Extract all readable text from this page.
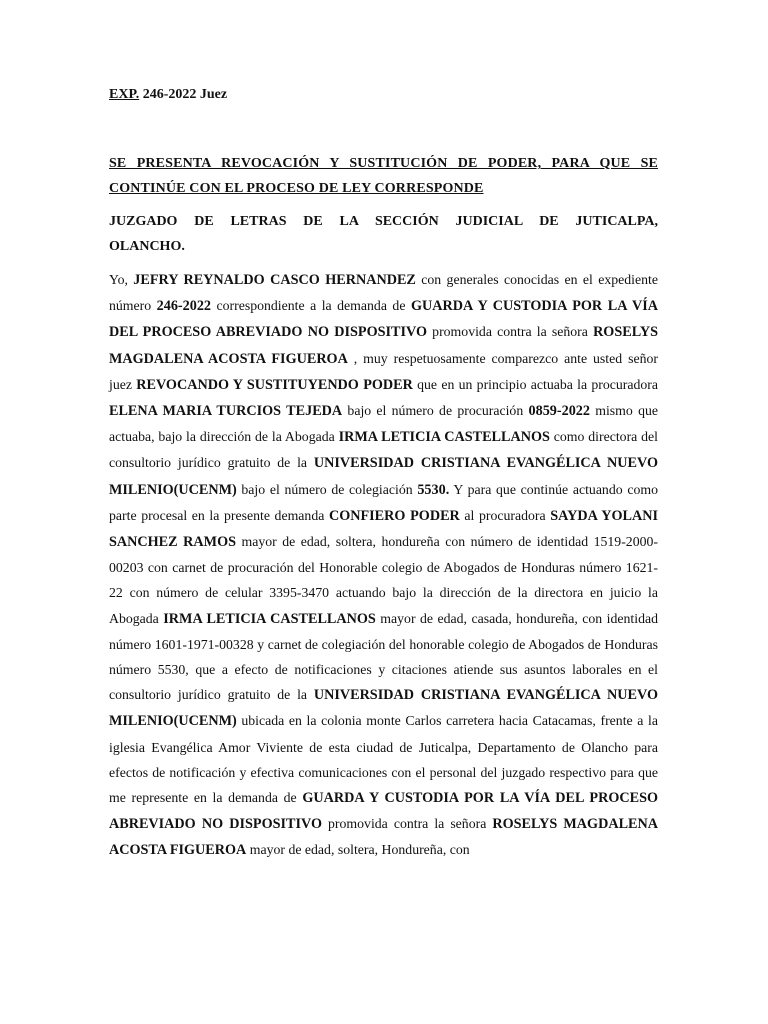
EXP. 246-2022 Juez

SE PRESENTA REVOCACIÓN Y SUSTITUCIÓN DE PODER, PARA QUE SE CONTINÚE CON EL PROCESO DE LEY CORRESPONDE

JUZGADO DE LETRAS DE LA SECCIÓN JUDICIAL DE JUTICALPA, OLANCHO.

Yo, JEFRY REYNALDO CASCO HERNANDEZ con generales conocidas en el expediente número 246-2022 correspondiente a la demanda de GUARDA Y CUSTODIA POR LA VÍA DEL PROCESO ABREVIADO NO DISPOSITIVO promovida contra la señora ROSELYS MAGDALENA ACOSTA FIGUEROA , muy respetuosamente comparezco ante usted señor juez REVOCANDO Y SUSTITUYENDO PODER que en un principio actuaba la procuradora ELENA MARIA TURCIOS TEJEDA bajo el número de procuración 0859-2022 mismo que actuaba, bajo la dirección de la Abogada IRMA LETICIA CASTELLANOS como directora del consultorio jurídico gratuito de la UNIVERSIDAD CRISTIANA EVANGÉLICA NUEVO MILENIO(UCENM) bajo el número de colegiación 5530. Y para que continúe actuando como parte procesal en la presente demanda CONFIERO PODER al procuradora SAYDA YOLANI SANCHEZ RAMOS mayor de edad, soltera, hondureña con número de identidad 1519-2000-00203 con carnet de procuración del Honorable colegio de Abogados de Honduras número 1621-22 con número de celular 3395-3470 actuando bajo la dirección de la directora en juicio la Abogada IRMA LETICIA CASTELLANOS mayor de edad, casada, hondureña, con identidad número 1601-1971-00328 y carnet de colegiación del honorable colegio de Abogados de Honduras número 5530, que a efecto de notificaciones y citaciones atiende sus asuntos laborales en el consultorio jurídico gratuito de la UNIVERSIDAD CRISTIANA EVANGÉLICA NUEVO MILENIO(UCENM) ubicada en la colonia monte Carlos carretera hacia Catacamas, frente a la iglesia Evangélica Amor Viviente de esta ciudad de Juticalpa, Departamento de Olancho para efectos de notificación y efectiva comunicaciones con el personal del juzgado respectivo para que me represente en la demanda de GUARDA Y CUSTODIA POR LA VÍA DEL PROCESO ABREVIADO NO DISPOSITIVO promovida contra la señora ROSELYS MAGDALENA ACOSTA FIGUEROA mayor de edad, soltera, Hondureña, con
